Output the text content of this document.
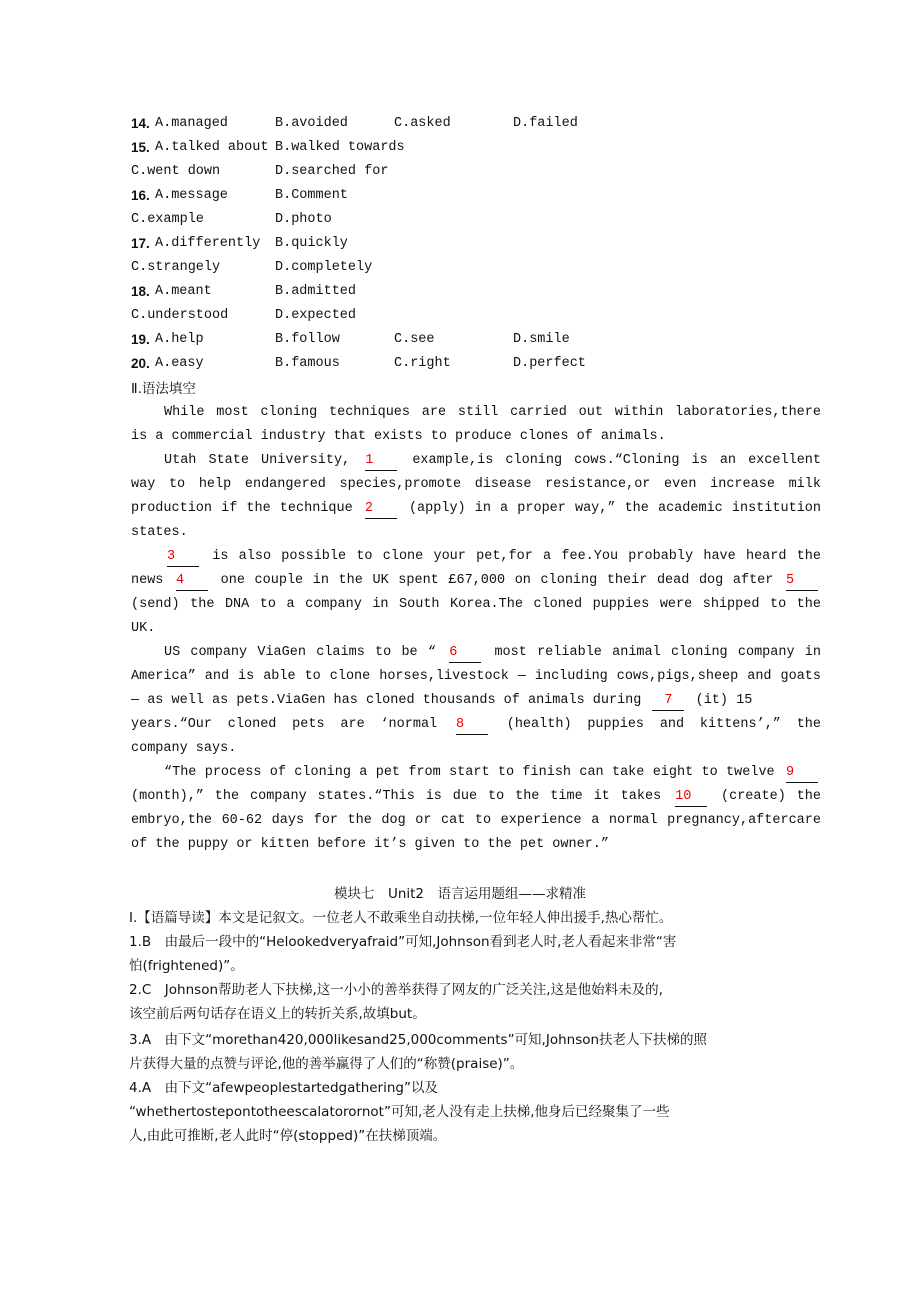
14. A.managed	B.avoided	C.asked	D.failed
15. A.talked about B.walked towards
C.went down	D.searched for
16. A.message	B.Comment
C.example	D.photo
17. A.differently B.quickly
C.strangely	D.completely
18. A.meant	B.admitted
C.understood	D.expected
19. A.help	B.follow	C.see	D.smile
20. A.easy	B.famous	C.right	D.perfect
Ⅱ.语法填空
While most cloning techniques are still carried out within laboratories,there
is a commercial industry that exists to produce clones of animals.
Utah State University, 1	example,is cloning cows.“Cloning is an excellent
way to help endangered species,promote disease resistance,or even increase milk
production if the technique 2	(apply) in a proper way,” the academic institution
states.
3	is also possible to clone your pet,for a fee.You probably have heard the
news 4	one couple in the UK spent £67,000 on cloning their dead dog after 5
(send) the DNA to a company in South Korea.The cloned puppies were shipped to the
UK.
US company ViaGen claims to be “ 6	most reliable animal cloning company in
America” and is able to clone horses,livestock — including cows,pigs,sheep and goats
— as well as pets.ViaGen has cloned thousands of animals during 7 (it) 15
years.“Our cloned pets are ‘normal 8	(health) puppies and kittens’,” the
company says.
“The process of cloning a pet from start to finish can take eight to twelve 9
(month),” the company states.“This is due to the time it takes 10 (create) the
embryo,the 60-62 days for the dog or cat to experience a normal pregnancy,aftercare
of the puppy or kitten before it’s given to the pet owner.”
模块七　Unit2　语言运用题组——求精准
Ⅰ.【语篇导读】本文是记叙文。一位老人不敢乘坐自动扶梯,一位年轻人伸出援手,热心帮忙。
1.B　由最后一段中的“Helookedveryafraid”可知,Johnson看到老人时,老人看起来非常“害
怕(frightened)”。
2.C　Johnson帮助老人下扶梯,这一小小的善举获得了网友的广泛关注,这是他始料未及的,
该空前后两句话存在语义上的转折关系,故填but。
3.A　由下文“morethan420,000likesand25,000comments”可知,Johnson扶老人下扶梯的照
片获得大量的点赞与评论,他的善举赢得了人们的“称赞(praise)”。
4.A　由下文“afewpeoplestartedgathering”以及
“whethertostepontotheescalatorornot”可知,老人没有走上扶梯,他身后已经聚集了一些
人,由此可推断,老人此时“停(stopped)”在扶梯顶端。
